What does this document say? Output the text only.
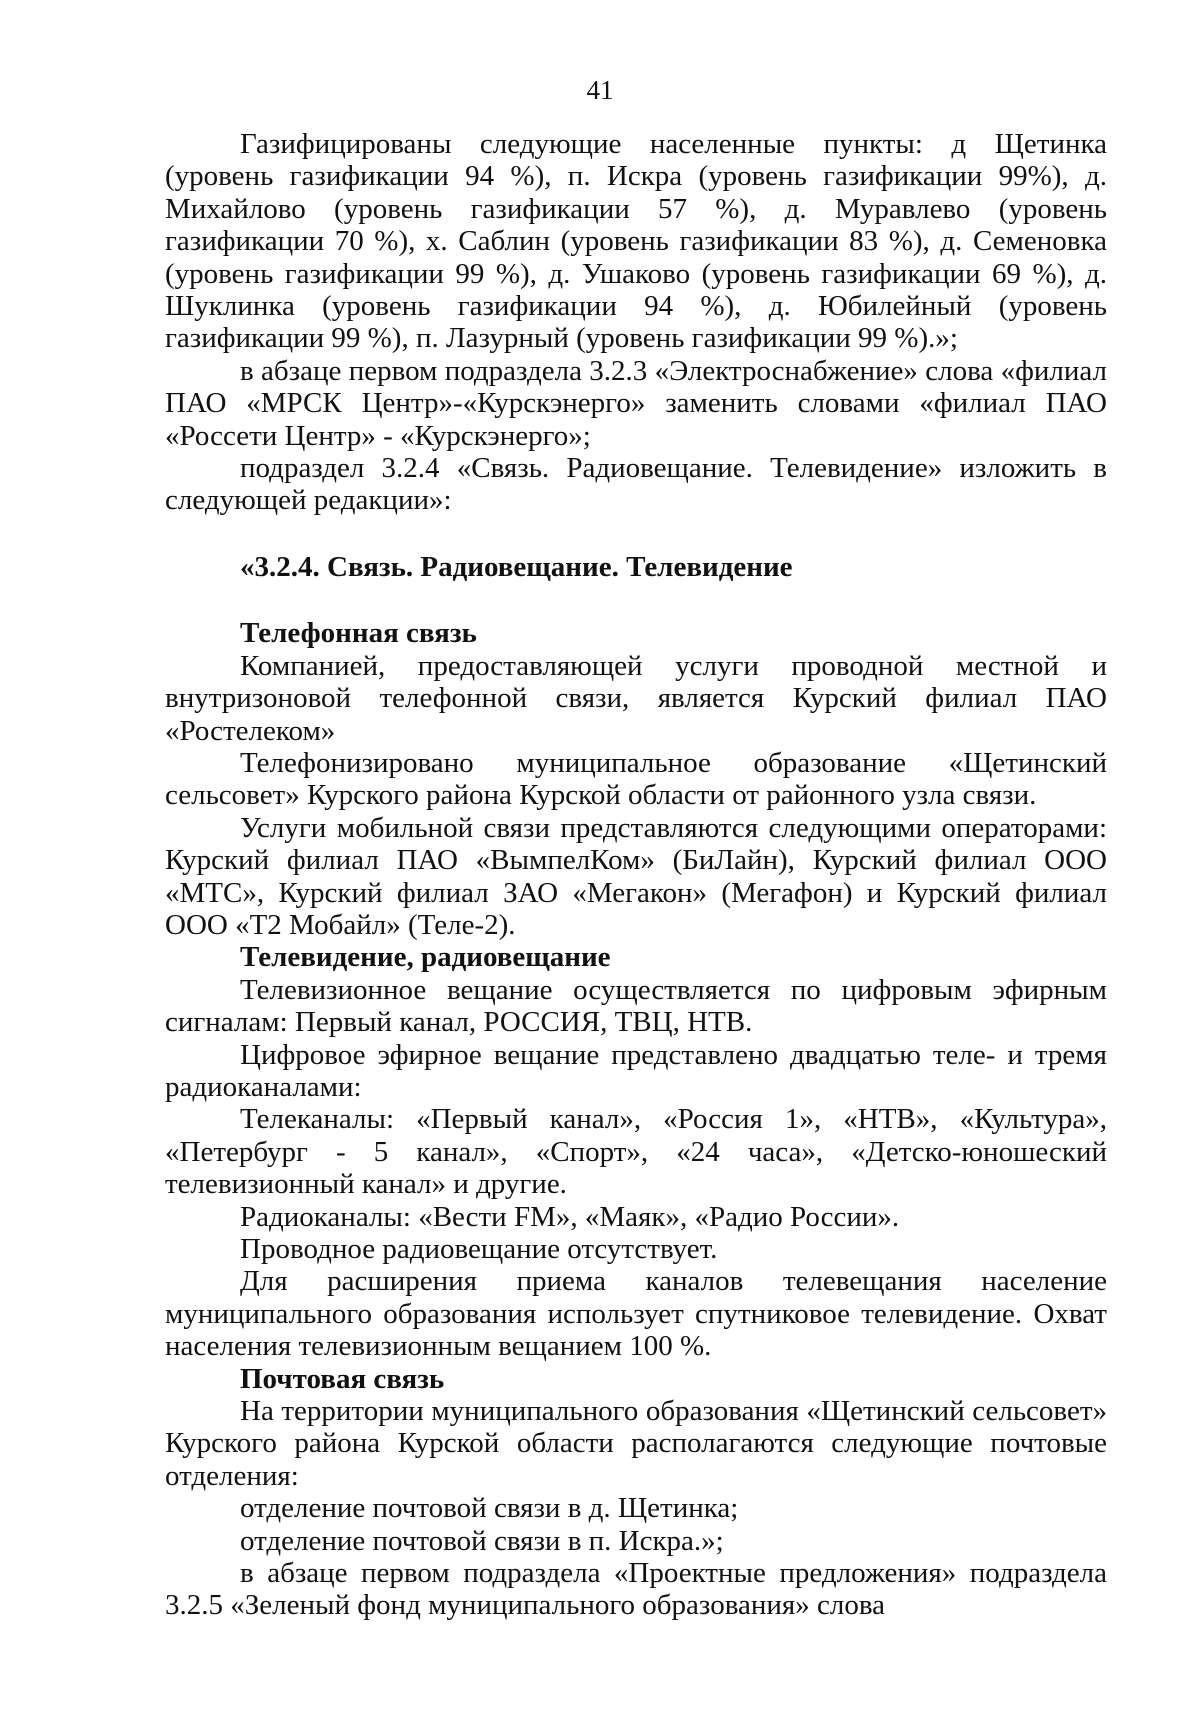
41

Газифицированы следующие населенные пункты: д Щетинка (уровень газификации 94 %), п. Искра (уровень газификации 99%), д. Михайлово (уровень газификации 57 %), д. Муравлево (уровень газификации 70 %), х. Саблин (уровень газификации 83 %), д. Семеновка (уровень газификации 99 %), д. Ушаково (уровень газификации 69 %), д. Шуклинка (уровень газификации 94 %), д. Юбилейный (уровень газификации 99 %), п. Лазурный (уровень газификации 99 %).»;

в абзаце первом подраздела 3.2.3 «Электроснабжение» слова «филиал ПАО «МРСК Центр»-«Курскэнерго» заменить словами «филиал ПАО «Россети Центр» - «Курскэнерго»;

подраздел 3.2.4 «Связь. Радиовещание. Телевидение» изложить в следующей редакции»:

«3.2.4. Связь. Радиовещание. Телевидение
Телефонная связь

Компанией, предоставляющей услуги проводной местной и внутризоновой телефонной связи, является Курский филиал ПАО «Ростелеком»

Телефонизировано муниципальное образование «Щетинский сельсовет» Курского района Курской области от районного узла связи.

Услуги мобильной связи представляются следующими операторами: Курский филиал ПАО «ВымпелКом» (БиЛайн), Курский филиал ООО «МТС», Курский филиал ЗАО «Мегакон» (Мегафон) и Курский филиал ООО «Т2 Мобайл» (Теле-2).

Телевидение, радиовещание

Телевизионное вещание осуществляется по цифровым эфирным сигналам: Первый канал, РОССИЯ, ТВЦ, НТВ.

Цифровое эфирное вещание представлено двадцатью теле- и тремя радиоканалами:

Телеканалы: «Первый канал», «Россия 1», «НТВ», «Культура», «Петербург - 5 канал», «Спорт», «24 часа», «Детско-юношеский телевизионный канал» и другие.

Радиоканалы: «Вести FM», «Маяк», «Радио России».

Проводное радиовещание отсутствует.

Для расширения приема каналов телевещания население муниципального образования использует спутниковое телевидение. Охват населения телевизионным вещанием 100 %.

Почтовая связь

На территории муниципального образования «Щетинский сельсовет» Курского района Курской области располагаются следующие почтовые отделения:

отделение почтовой связи в д. Щетинка;

отделение почтовой связи в п. Искра.»;

в абзаце первом подраздела «Проектные предложения» подраздела 3.2.5 «Зеленый фонд муниципального образования» слова
